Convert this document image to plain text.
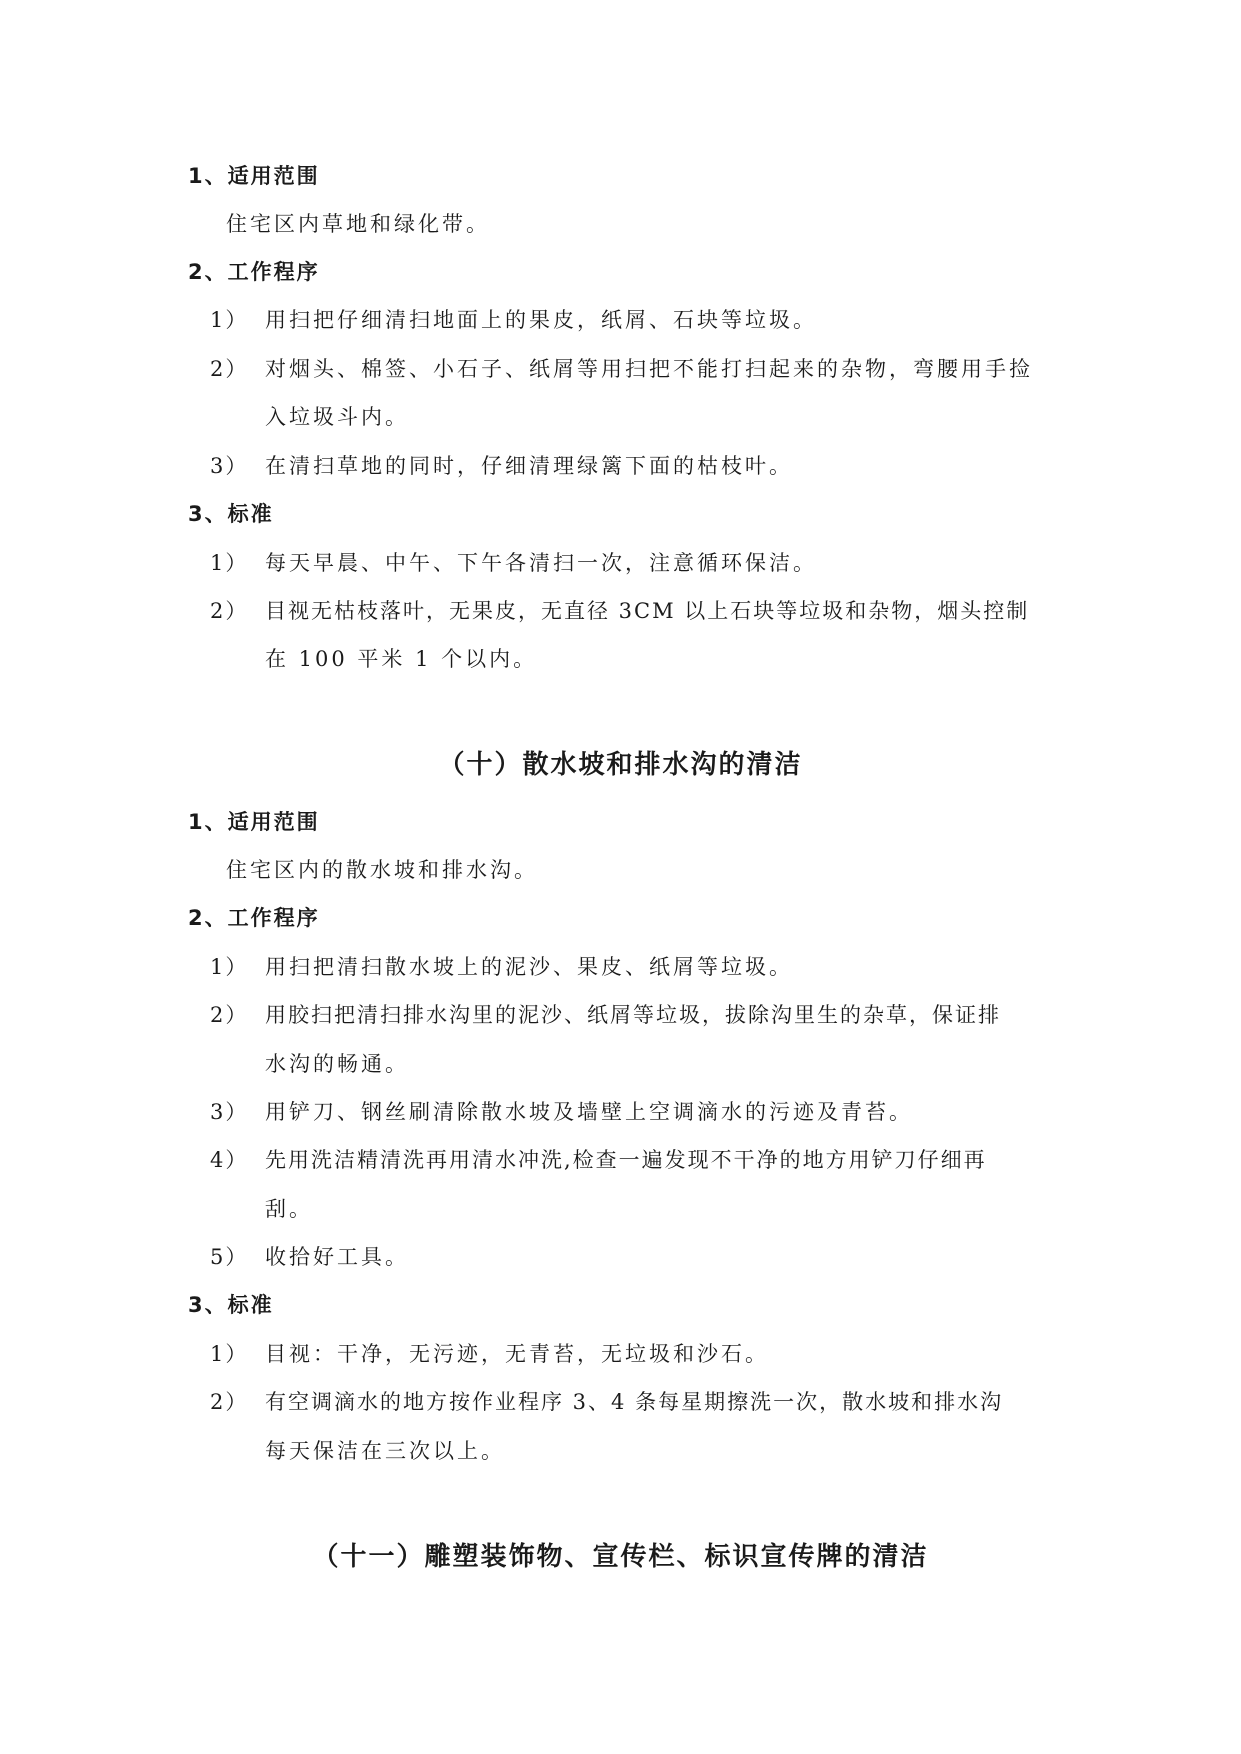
1、适用范围
住宅区内草地和绿化带。
2、工作程序
1） 用扫把仔细清扫地面上的果皮，纸屑、石块等垃圾。
2） 对烟头、棉签、小石子、纸屑等用扫把不能打扫起来的杂物，弯腰用手捡
入垃圾斗内。
3） 在清扫草地的同时，仔细清理绿篱下面的枯枝叶。
3、标准
1） 每天早晨、中午、下午各清扫一次，注意循环保洁。
2） 目视无枯枝落叶，无果皮，无直径 3CM 以上石块等垃圾和杂物，烟头控制
在 100 平米 1 个以内。
（十）散水坡和排水沟的清洁
1、适用范围
住宅区内的散水坡和排水沟。
2、工作程序
1） 用扫把清扫散水坡上的泥沙、果皮、纸屑等垃圾。
2） 用胶扫把清扫排水沟里的泥沙、纸屑等垃圾，拔除沟里生的杂草，保证排
水沟的畅通。
3） 用铲刀、钢丝刷清除散水坡及墙壁上空调滴水的污迹及青苔。
4） 先用洗洁精清洗再用清水冲洗,检查一遍发现不干净的地方用铲刀仔细再
刮。
5） 收拾好工具。
3、标准
1） 目视：干净，无污迹，无青苔，无垃圾和沙石。
2） 有空调滴水的地方按作业程序 3、4 条每星期擦洗一次，散水坡和排水沟
每天保洁在三次以上。
（十一）雕塑装饰物、宣传栏、标识宣传牌的清洁
